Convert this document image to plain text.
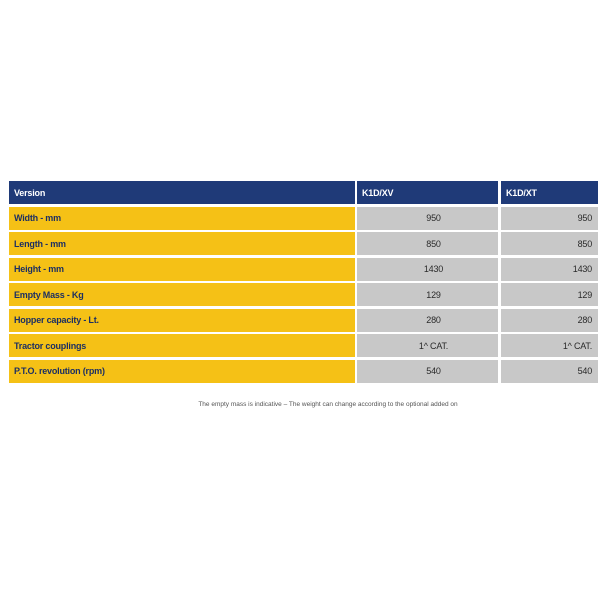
Version	K1D/XV	K1D/XT
Width - mm	950	950
Length - mm	850	850
Height - mm	1430	1430
Empty Mass - Kg	129	129
Hopper capacity - Lt.	280	280
Tractor couplings	1^ CAT.	1^ CAT.
P.T.O. revolution (rpm)	540	540
The empty mass is indicative – The weight can change according to the optional added on
